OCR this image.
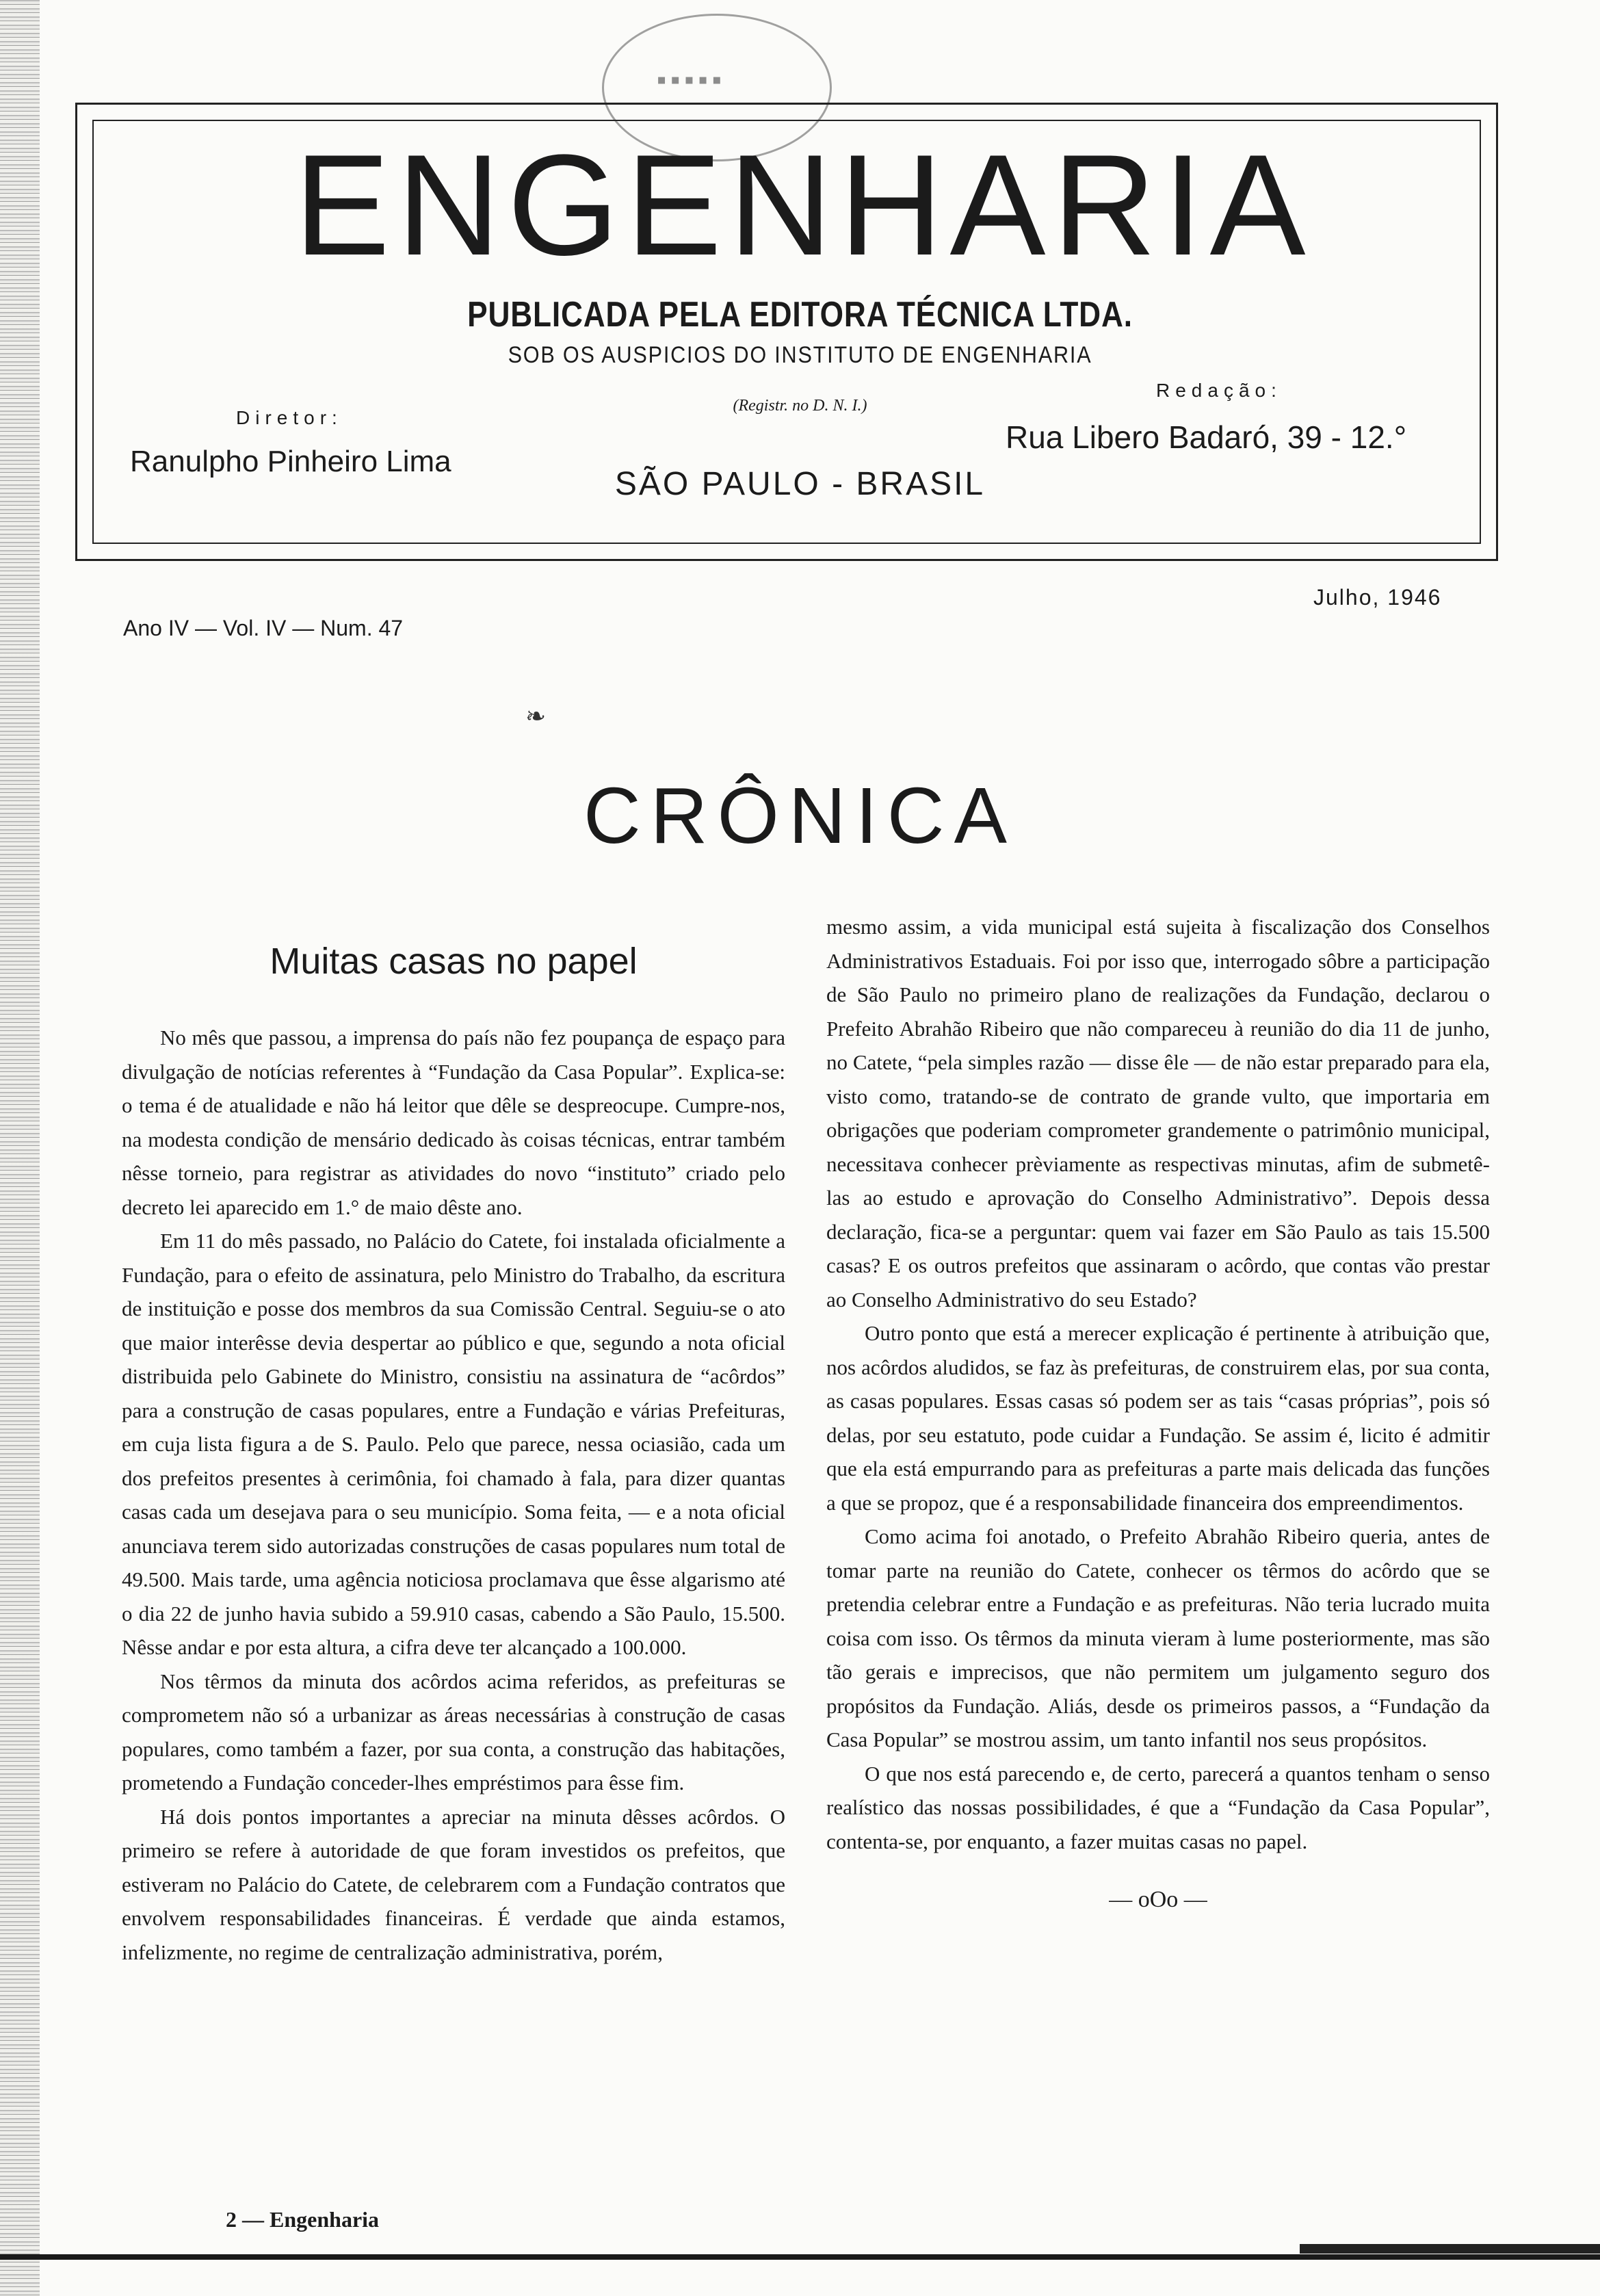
▪▪▪▪▪
ENGENHARIA
PUBLICADA PELA EDITORA TÉCNICA LTDA.
SOB OS AUSPICIOS DO INSTITUTO DE ENGENHARIA
(Registr. no D. N. I.)
SÃO PAULO - BRASIL
Diretor:
Ranulpho Pinheiro Lima
Redação:
Rua Libero Badaró, 39 - 12.°
Ano IV — Vol. IV — Num. 47
Julho, 1946
❧
CRÔNICA
Muitas casas no papel

No mês que passou, a imprensa do país não fez poupança de espaço para divulgação de notícias referentes à “Fundação da Casa Popular”. Explica-se: o tema é de atualidade e não há leitor que dêle se despreocupe. Cumpre-nos, na modesta condição de mensário dedicado às coisas técnicas, entrar também nêsse torneio, para registrar as atividades do novo “instituto” criado pelo decreto lei aparecido em 1.° de maio dêste ano.

Em 11 do mês passado, no Palácio do Catete, foi instalada oficialmente a Fundação, para o efeito de assinatura, pelo Ministro do Trabalho, da escritura de instituição e posse dos membros da sua Comissão Central. Seguiu-se o ato que maior interêsse devia despertar ao público e que, segundo a nota oficial distribuida pelo Gabinete do Ministro, consistiu na assinatura de “acôrdos” para a construção de casas populares, entre a Fundação e várias Prefeituras, em cuja lista figura a de S. Paulo. Pelo que parece, nessa ociasião, cada um dos prefeitos presentes à cerimônia, foi chamado à fala, para dizer quantas casas cada um desejava para o seu município. Soma feita, — e a nota oficial anunciava terem sido autorizadas construções de casas populares num total de 49.500. Mais tarde, uma agência noticiosa proclamava que êsse algarismo até o dia 22 de junho havia subido a 59.910 casas, cabendo a São Paulo, 15.500. Nêsse andar e por esta altura, a cifra deve ter alcançado a 100.000.

Nos têrmos da minuta dos acôrdos acima referidos, as prefeituras se comprometem não só a urbanizar as áreas necessárias à construção de casas populares, como também a fazer, por sua conta, a construção das habitações, prometendo a Fundação conceder-lhes empréstimos para êsse fim.

Há dois pontos importantes a apreciar na minuta dêsses acôrdos. O primeiro se refere à autoridade de que foram investidos os prefeitos, que estiveram no Palácio do Catete, de celebrarem com a Fundação contratos que envolvem responsabilidades financeiras. É verdade que ainda estamos, infelizmente, no regime de centralização administrativa, porém,

mesmo assim, a vida municipal está sujeita à fiscalização dos Conselhos Administrativos Estaduais. Foi por isso que, interrogado sôbre a participação de São Paulo no primeiro plano de realizações da Fundação, declarou o Prefeito Abrahão Ribeiro que não compareceu à reunião do dia 11 de junho, no Catete, “pela simples razão — disse êle — de não estar preparado para ela, visto como, tratando-se de contrato de grande vulto, que importaria em obrigações que poderiam comprometer grandemente o patrimônio municipal, necessitava conhecer prèviamente as respectivas minutas, afim de submetê-las ao estudo e aprovação do Conselho Administrativo”. Depois dessa declaração, fica-se a perguntar: quem vai fazer em São Paulo as tais 15.500 casas? E os outros prefeitos que assinaram o acôrdo, que contas vão prestar ao Conselho Administrativo do seu Estado?

Outro ponto que está a merecer explicação é pertinente à atribuição que, nos acôrdos aludidos, se faz às prefeituras, de construirem elas, por sua conta, as casas populares. Essas casas só podem ser as tais “casas próprias”, pois só delas, por seu estatuto, pode cuidar a Fundação. Se assim é, licito é admitir que ela está empurrando para as prefeituras a parte mais delicada das funções a que se propoz, que é a responsabilidade financeira dos empreendimentos.

Como acima foi anotado, o Prefeito Abrahão Ribeiro queria, antes de tomar parte na reunião do Catete, conhecer os têrmos do acôrdo que se pretendia celebrar entre a Fundação e as prefeituras. Não teria lucrado muita coisa com isso. Os têrmos da minuta vieram à lume posteriormente, mas são tão gerais e imprecisos, que não permitem um julgamento seguro dos propósitos da Fundação. Aliás, desde os primeiros passos, a “Fundação da Casa Popular” se mostrou assim, um tanto infantil nos seus propósitos.

O que nos está parecendo e, de certo, parecerá a quantos tenham o senso realístico das nossas possibilidades, é que a “Fundação da Casa Popular”, contenta-se, por enquanto, a fazer muitas casas no papel.

— oOo —
2 — Engenharia
